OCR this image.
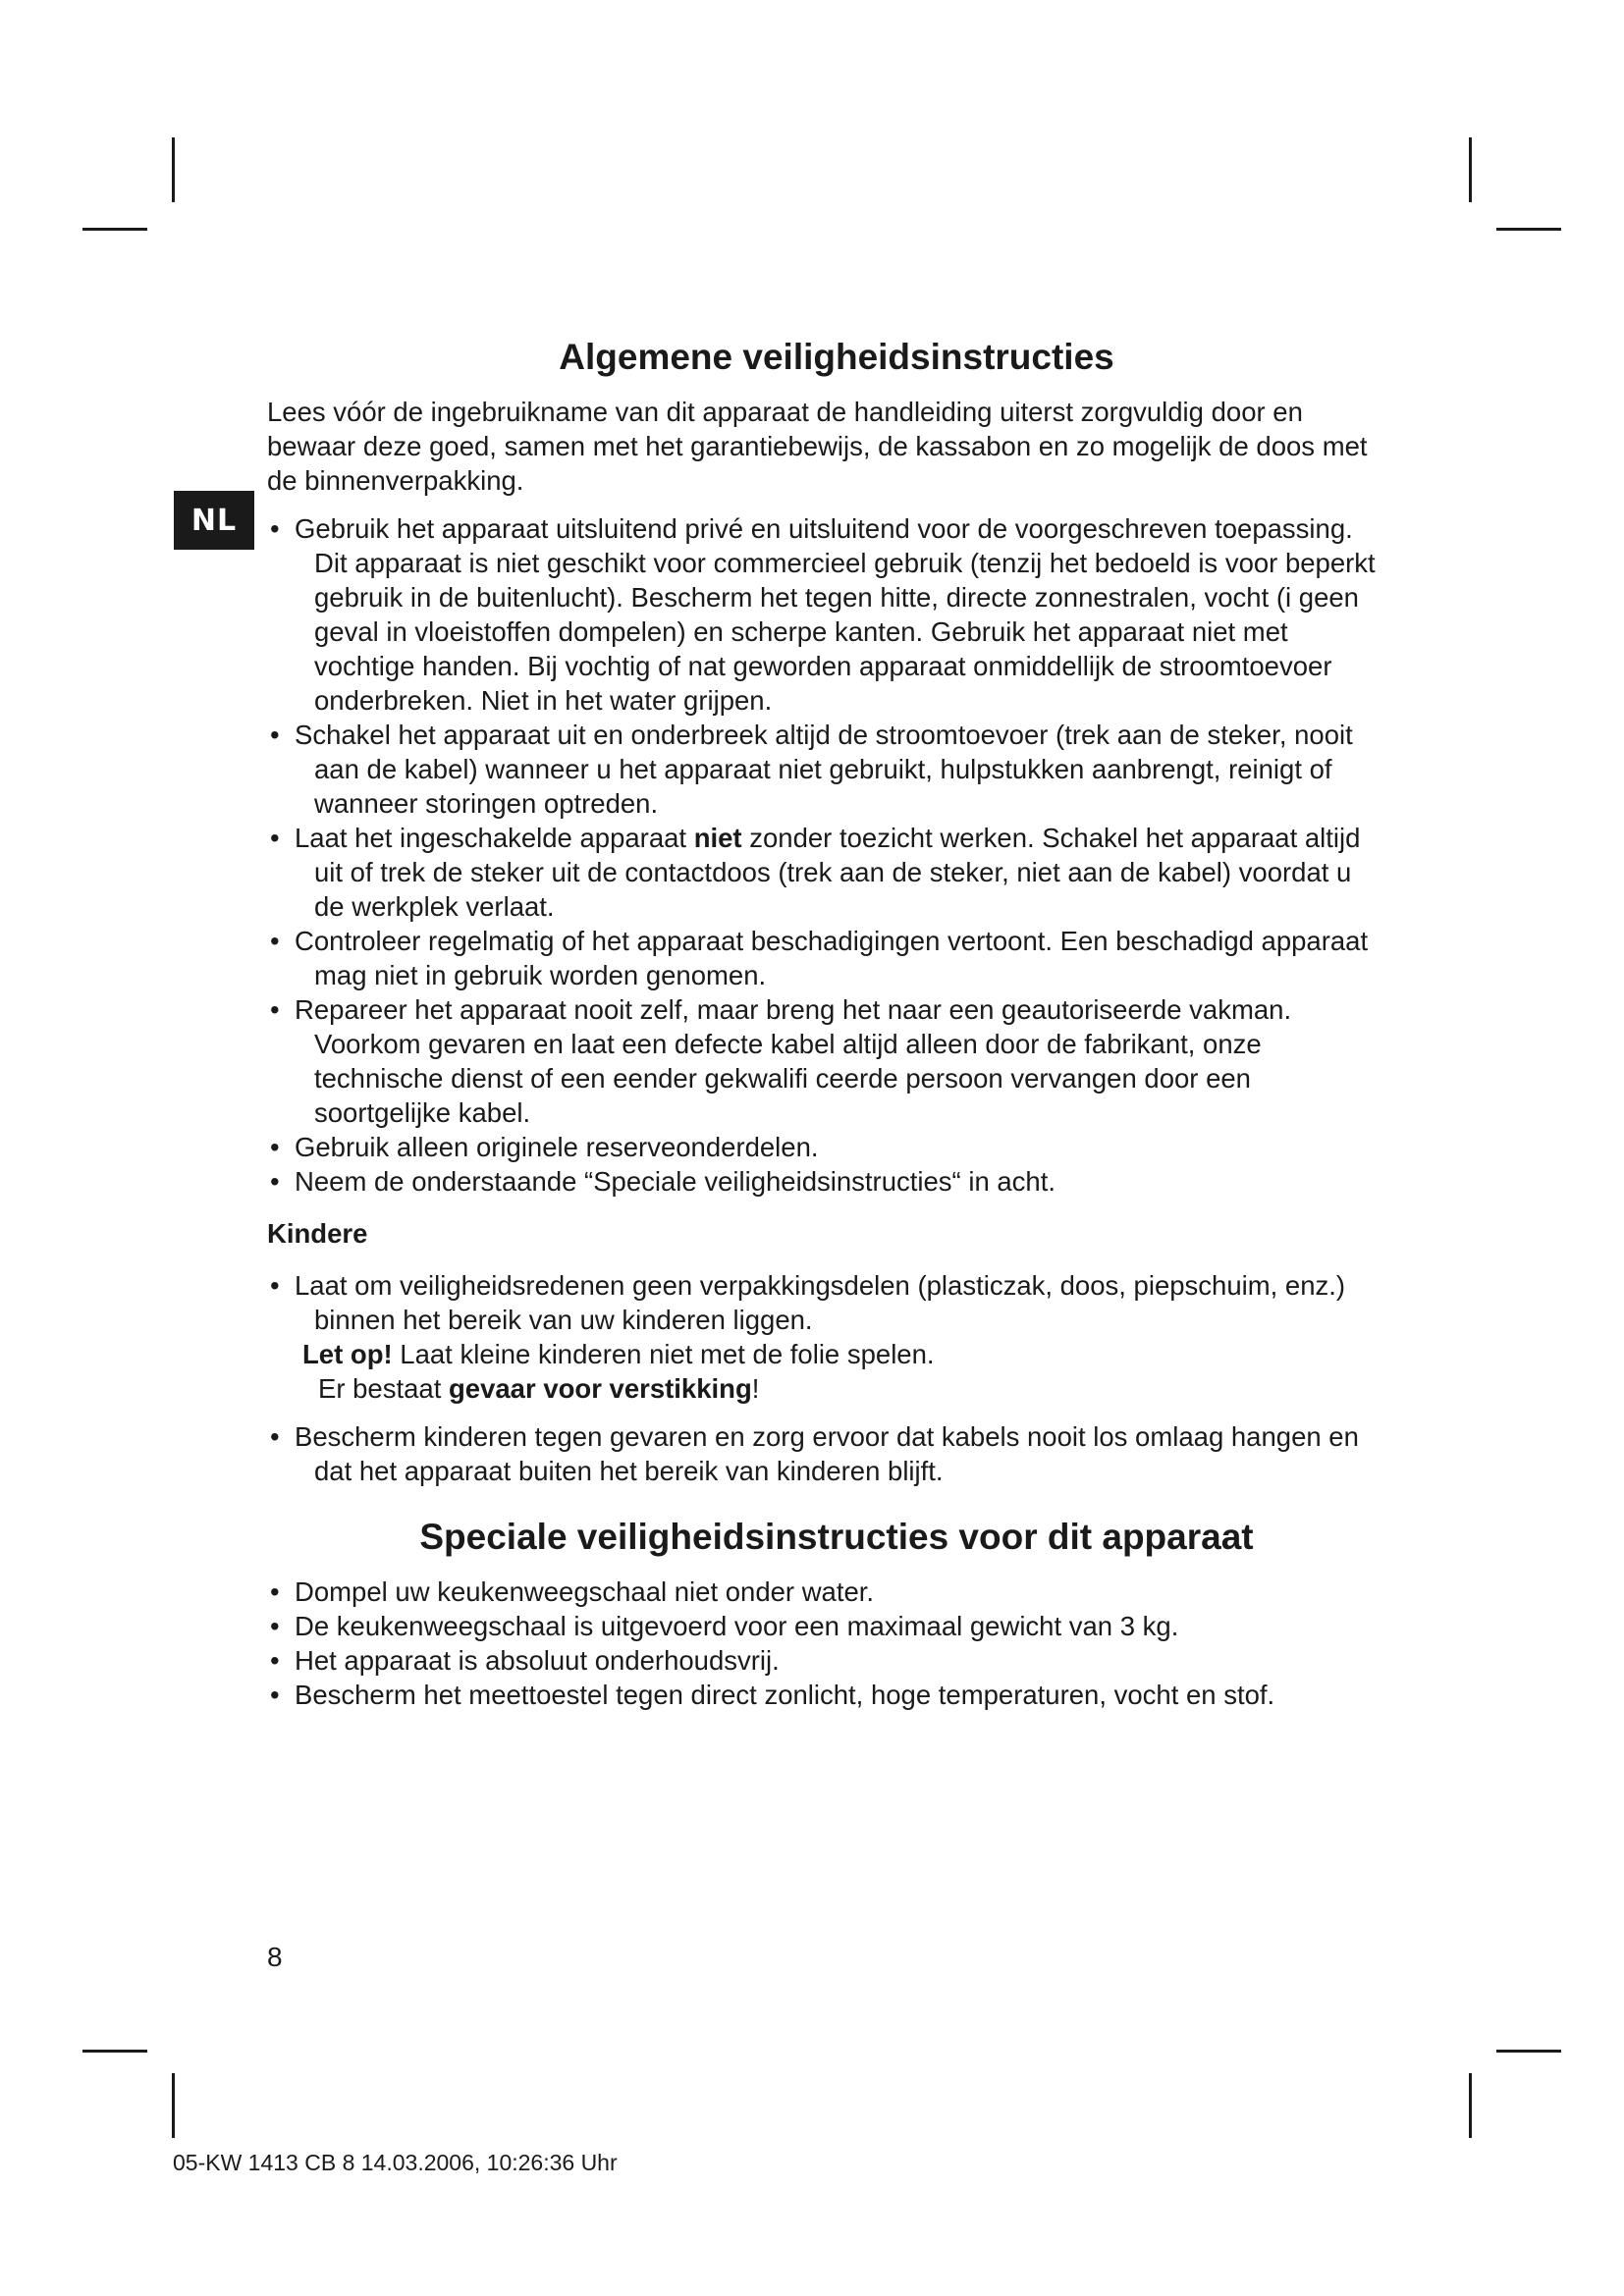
NL
Algemene veiligheidsinstructies

Lees vóór de ingebruikname van dit apparaat de handleiding uiterst zorgvuldig door en bewaar deze goed, samen met het garantiebewijs, de kassabon en zo mogelijk de doos met de binnenverpakking.

• Gebruik het apparaat uitsluitend privé en uitsluitend voor de voorgeschreven toepassing. Dit apparaat is niet geschikt voor commercieel gebruik (tenzij het bedoeld is voor beperkt gebruik in de buitenlucht). Bescherm het tegen hitte, directe zonnestralen, vocht (i geen geval in vloeistoffen dompelen) en scherpe kanten. Gebruik het apparaat niet met vochtige handen. Bij vochtig of nat geworden apparaat onmiddellijk de stroomtoevoer onderbreken. Niet in het water grijpen.
• Schakel het apparaat uit en onderbreek altijd de stroomtoevoer (trek aan de steker, nooit aan de kabel) wanneer u het apparaat niet gebruikt, hulpstukken aanbrengt, reinigt of wanneer storingen optreden.
• Laat het ingeschakelde apparaat niet zonder toezicht werken. Schakel het apparaat altijd uit of trek de steker uit de contactdoos (trek aan de steker, niet aan de kabel) voordat u de werkplek verlaat.
• Controleer regelmatig of het apparaat beschadigingen vertoont. Een beschadigd apparaat mag niet in gebruik worden genomen.
• Repareer het apparaat nooit zelf, maar breng het naar een geautoriseerde vakman. Voorkom gevaren en laat een defecte kabel altijd alleen door de fabrikant, onze technische dienst of een eender gekwalifi ceerde persoon vervangen door een soortgelijke kabel.
• Gebruik alleen originele reserveonderdelen.
• Neem de onderstaande “Speciale veiligheidsinstructies“ in acht.
Kindere
• Laat om veiligheidsredenen geen verpakkingsdelen (plasticzak, doos, piepschuim, enz.) binnen het bereik van uw kinderen liggen.

Let op! Laat kleine kinderen niet met de folie spelen.
Er bestaat gevaar voor verstikking!

• Bescherm kinderen tegen gevaren en zorg ervoor dat kabels nooit los omlaag hangen en dat het apparaat buiten het bereik van kinderen blijft.
Speciale veiligheidsinstructies voor dit apparaat
• Dompel uw keukenweegschaal niet onder water.
• De keukenweegschaal is uitgevoerd voor een maximaal gewicht van 3 kg.
• Het apparaat is absoluut onderhoudsvrij.
• Bescherm het meettoestel tegen direct zonlicht, hoge temperaturen, vocht en stof.
8
05-KW 1413 CB 8 14.03.2006, 10:26:36 Uhr
